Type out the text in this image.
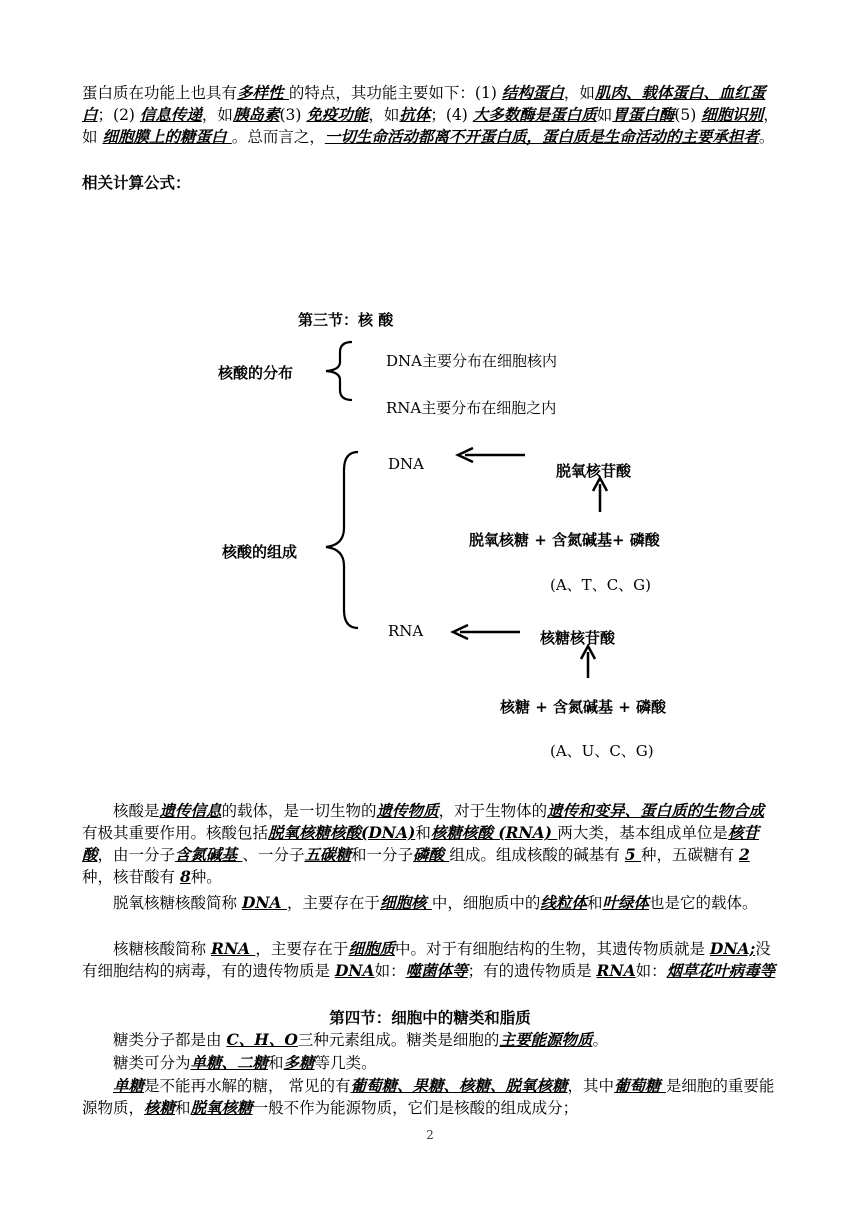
蛋白质在功能上也具有多样性 的特点，其功能主要如下：(1) 结构蛋白，如肌肉、载体蛋白、血红蛋白；(2) 信息传递，如胰岛素(3) 免疫功能，如抗体；(4) 大多数酶是蛋白质如胃蛋白酶(5) 细胞识别，如 细胞膜上的糖蛋白 。总而言之，一切生命活动都离不开蛋白质，蛋白质是生命活动的主要承担者。
相关计算公式：
第三节：核 酸
核酸的分布
DNA主要分布在细胞核内
RNA主要分布在细胞之内
核酸的组成
DNA
RNA
脱氧核苷酸
脱氧核糖 + 含氮碱基+ 磷酸
(A、T、C、G)
核糖核苷酸
核糖 + 含氮碱基 + 磷酸
(A、U、C、G)
核酸是遗传信息的载体，是一切生物的遗传物质，对于生物体的遗传和变异、蛋白质的生物合成 有极其重要作用。核酸包括脱氧核糖核酸(DNA)和核糖核酸 (RNA) 两大类，基本组成单位是核苷酸，由一分子含氮碱基 、一分子五碳糖和一分子磷酸 组成。组成核酸的碱基有 5 种，五碳糖有 2 种，核苷酸有 8种。
脱氧核糖核酸简称 DNA ，主要存在于细胞核 中，细胞质中的线粒体和叶绿体也是它的载体。
核糖核酸简称 RNA ，主要存在于细胞质中。对于有细胞结构的生物，其遗传物质就是 DNA;没有细胞结构的病毒，有的遗传物质是 DNA如：噬菌体等；有的遗传物质是 RNA如：烟草花叶病毒等
第四节：细胞中的糖类和脂质
糖类分子都是由 C、H、O三种元素组成。糖类是细胞的主要能源物质。
糖类可分为单糖、二糖和多糖等几类。
单糖是不能再水解的糖， 常见的有葡萄糖、果糖、核糖、脱氧核糖，其中葡萄糖 是细胞的重要能源物质，核糖和脱氧核糖一般不作为能源物质，它们是核酸的组成成分；
2
